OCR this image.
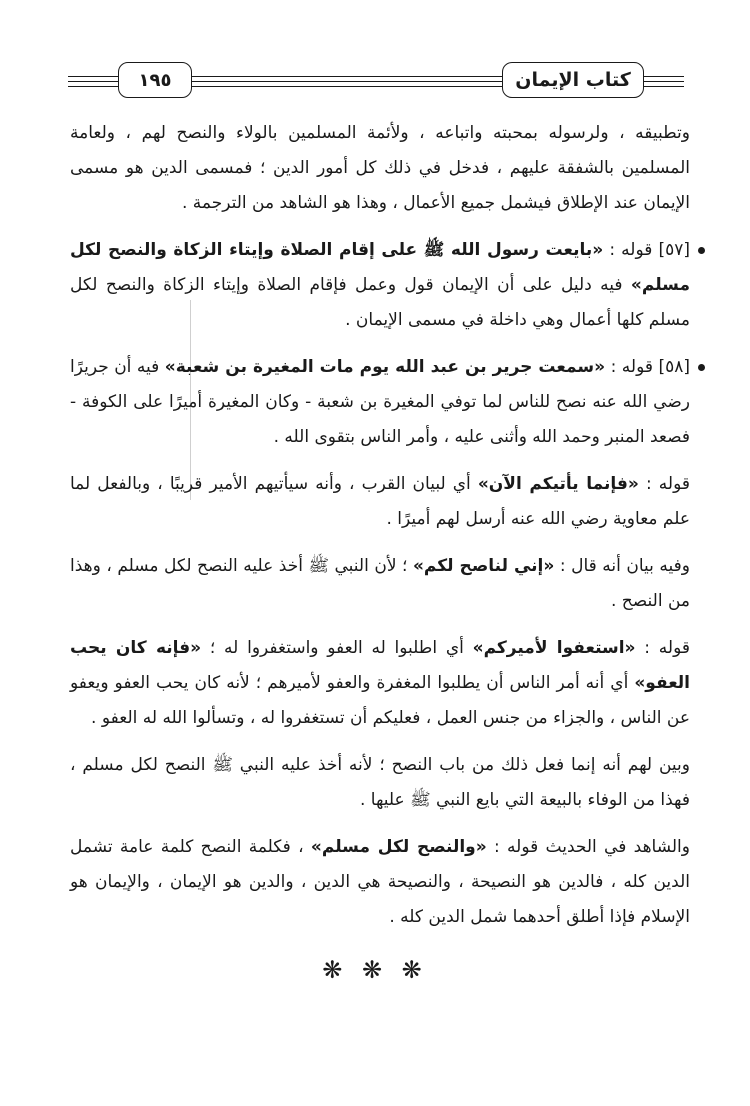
كتاب الإيمان
١٩٥

وتطبيقه ، ولرسوله بمحبته واتباعه ، ولأئمة المسلمين بالولاء والنصح لهم ، ولعامة المسلمين بالشفقة عليهم ، فدخل في ذلك كل أمور الدين ؛ فمسمى الدين هو مسمى الإيمان عند الإطلاق فيشمل جميع الأعمال ، وهذا هو الشاهد من الترجمة .

[٥٧] قوله : «بايعت رسول الله ﷺ على إقام الصلاة وإيتاء الزكاة والنصح لكل مسلم» فيه دليل على أن الإيمان قول وعمل فإقام الصلاة وإيتاء الزكاة والنصح لكل مسلم كلها أعمال وهي داخلة في مسمى الإيمان .

[٥٨] قوله : «سمعت جرير بن عبد الله يوم مات المغيرة بن شعبة» فيه أن جريرًا رضي الله عنه نصح للناس لما توفي المغيرة بن شعبة - وكان المغيرة أميرًا على الكوفة - فصعد المنبر وحمد الله وأثنى عليه ، وأمر الناس بتقوى الله .

قوله : «فإنما يأتيكم الآن» أي لبيان القرب ، وأنه سيأتيهم الأمير قريبًا ، وبالفعل لما علم معاوية رضي الله عنه أرسل لهم أميرًا .

وفيه بيان أنه قال : «إني لناصح لكم» ؛ لأن النبي ﷺ أخذ عليه النصح لكل مسلم ، وهذا من النصح .

قوله : «استعفوا لأميركم» أي اطلبوا له العفو واستغفروا له ؛ «فإنه كان يحب العفو» أي أنه أمر الناس أن يطلبوا المغفرة والعفو لأميرهم ؛ لأنه كان يحب العفو ويعفو عن الناس ، والجزاء من جنس العمل ، فعليكم أن تستغفروا له ، وتسألوا الله له العفو .

وبين لهم أنه إنما فعل ذلك من باب النصح ؛ لأنه أخذ عليه النبي ﷺ النصح لكل مسلم ، فهذا من الوفاء بالبيعة التي بايع النبي ﷺ عليها .

والشاهد في الحديث قوله : «والنصح لكل مسلم» ، فكلمة النصح كلمة عامة تشمل الدين كله ، فالدين هو النصيحة ، والنصيحة هي الدين ، والدين هو الإيمان ، والإيمان هو الإسلام فإذا أطلق أحدهما شمل الدين كله .

❋ ❋ ❋
